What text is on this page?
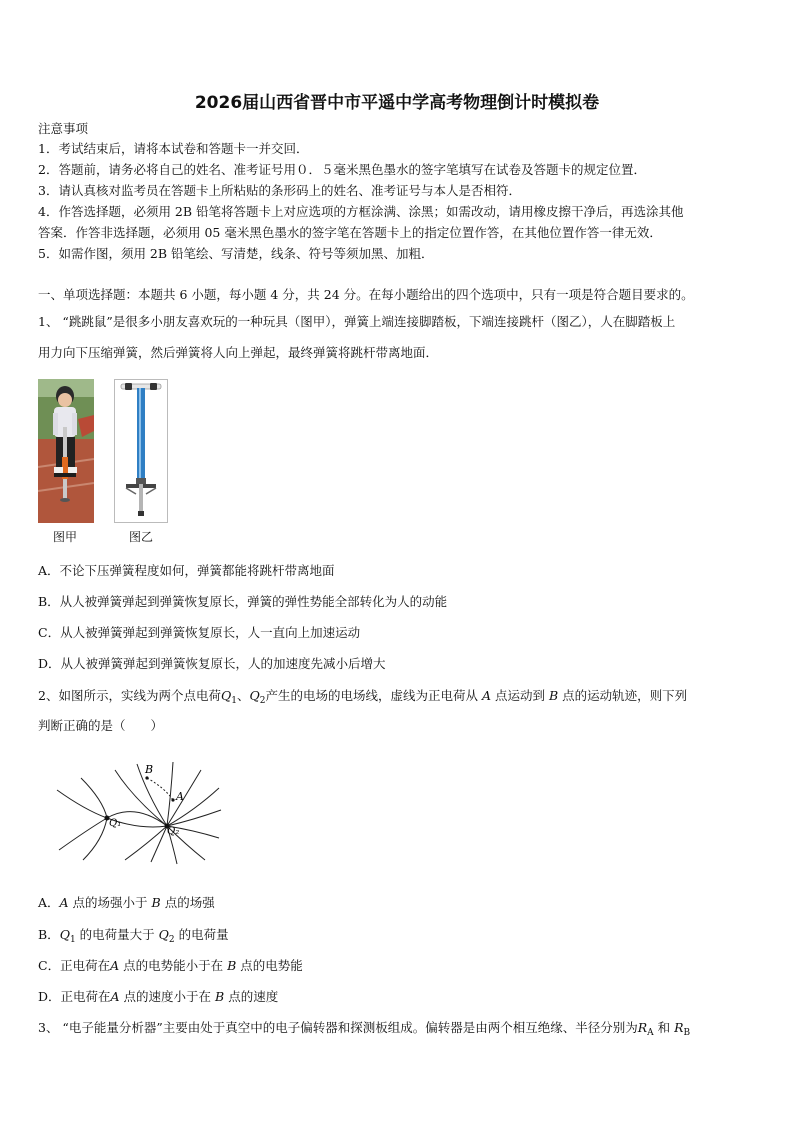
2026届山西省晋中市平遥中学高考物理倒计时模拟卷
注意事项
1．考试结束后，请将本试卷和答题卡一并交回．
2．答题前，请务必将自己的姓名、准考证号用０．５毫米黑色墨水的签字笔填写在试卷及答题卡的规定位置．
3．请认真核对监考员在答题卡上所粘贴的条形码上的姓名、准考证号与本人是否相符．
4．作答选择题，必须用 2B 铅笔将答题卡上对应选项的方框涂满、涂黑；如需改动，请用橡皮擦干净后，再选涂其他
答案．作答非选择题，必须用 05 毫米黑色墨水的签字笔在答题卡上的指定位置作答，在其他位置作答一律无效．
5．如需作图，须用 2B 铅笔绘、写清楚，线条、符号等须加黑、加粗．
一、单项选择题：本题共 6 小题，每小题 4 分，共 24 分。在每小题给出的四个选项中，只有一项是符合题目要求的。
1、 “跳跳鼠”是很多小朋友喜欢玩的一种玩具（图甲），弹簧上端连接脚踏板，下端连接跳杆（图乙），人在脚踏板上
用力向下压缩弹簧，然后弹簧将人向上弹起，最终弹簧将跳杆带离地面．
图甲	图乙
A．不论下压弹簧程度如何，弹簧都能将跳杆带离地面
B．从人被弹簧弹起到弹簧恢复原长，弹簧的弹性势能全部转化为人的动能
C．从人被弹簧弹起到弹簧恢复原长，人一直向上加速运动
D．从人被弹簧弹起到弹簧恢复原长，人的加速度先减小后增大
2、如图所示，实线为两个点电荷$Q_1$、$Q_2$产生的电场的电场线，虚线为正电荷从 A 点运动到 B 点的运动轨迹，则下列
判断正确的是（　　）
B
A
Q₁
Q₂
A．A 点的场强小于 B 点的场强
B．$Q_1$ 的电荷量大于 $Q_2$ 的电荷量
C．正电荷在A 点的电势能小于在 B 点的电势能
D．正电荷在A 点的速度小于在 B 点的速度
3、 “电子能量分析器”主要由处于真空中的电子偏转器和探测板组成。偏转器是由两个相互绝缘、半径分别为$R_A$ 和 $R_B$
